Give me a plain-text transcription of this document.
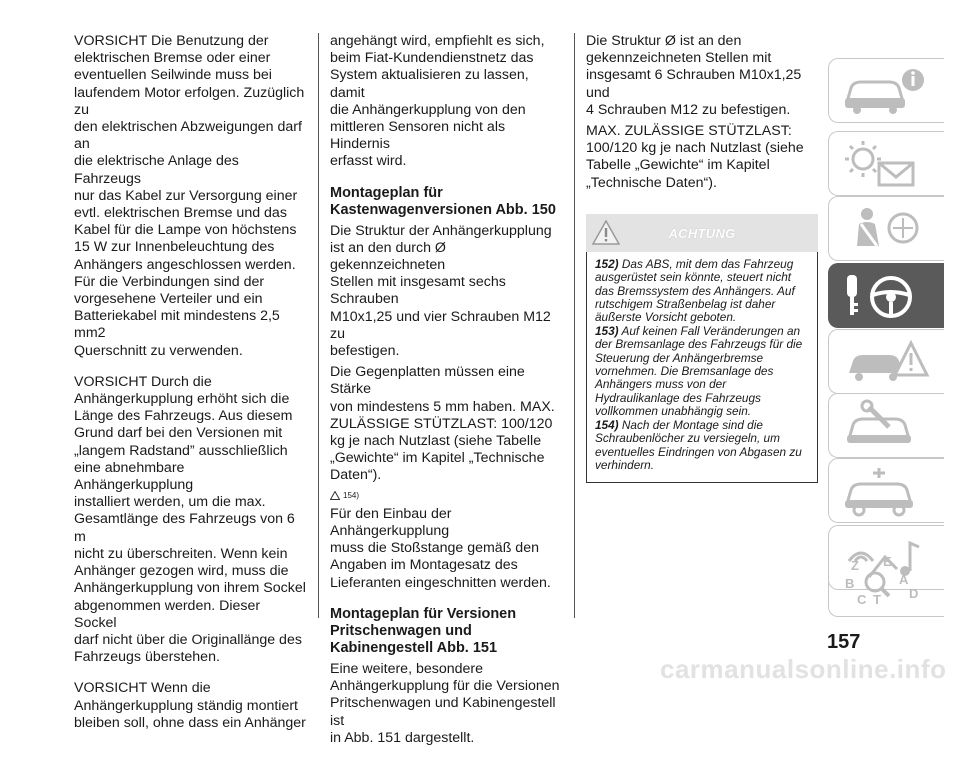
VORSICHT Die Benutzung der
elektrischen Bremse oder einer
eventuellen Seilwinde muss bei
laufendem Motor erfolgen. Zuzüglich zu
den elektrischen Abzweigungen darf an
die elektrische Anlage des Fahrzeugs
nur das Kabel zur Versorgung einer
evtl. elektrischen Bremse und das
Kabel für die Lampe von höchstens
15 W zur Innenbeleuchtung des
Anhängers angeschlossen werden.
Für die Verbindungen sind der
vorgesehene Verteiler und ein
Batteriekabel mit mindestens 2,5 mm2
Querschnitt zu verwenden.

VORSICHT Durch die
Anhängerkupplung erhöht sich die
Länge des Fahrzeugs. Aus diesem
Grund darf bei den Versionen mit
„langem Radstand” ausschließlich
eine abnehmbare Anhängerkupplung
installiert werden, um die max.
Gesamtlänge des Fahrzeugs von 6 m
nicht zu überschreiten. Wenn kein
Anhänger gezogen wird, muss die
Anhängerkupplung von ihrem Sockel
abgenommen werden. Dieser Sockel
darf nicht über die Originallänge des
Fahrzeugs überstehen.

VORSICHT Wenn die
Anhängerkupplung ständig montiert
bleiben soll, ohne dass ein Anhänger

angehängt wird, empfiehlt es sich,
beim Fiat-Kundendienstnetz das
System aktualisieren zu lassen, damit
die Anhängerkupplung von den
mittleren Sensoren nicht als Hindernis
erfasst wird.

Montageplan für
Kastenwagenversionen Abb. 150

Die Struktur der Anhängerkupplung
ist an den durch Ø gekennzeichneten
Stellen mit insgesamt sechs Schrauben
M10x1,25 und vier Schrauben M12 zu
befestigen.

Die Gegenplatten müssen eine Stärke
von mindestens 5 mm haben. MAX.
ZULÄSSIGE STÜTZLAST: 100/120
kg je nach Nutzlast (siehe Tabelle
„Gewichte“ im Kapitel „Technische
Daten“).

154)

Für den Einbau der Anhängerkupplung
muss die Stoßstange gemäß den
Angaben im Montagesatz des
Lieferanten eingeschnitten werden.

Montageplan für Versionen
Pritschenwagen und
Kabinengestell Abb. 151

Eine weitere, besondere
Anhängerkupplung für die Versionen
Pritschenwagen und Kabinengestell ist
in Abb. 151 dargestellt.

Die Struktur Ø ist an den
gekennzeichneten Stellen mit
insgesamt 6 Schrauben M10x1,25 und
4 Schrauben M12 zu befestigen.

MAX. ZULÄSSIGE STÜTZLAST:
100/120 kg je nach Nutzlast (siehe
Tabelle „Gewichte“ im Kapitel
„Technische Daten“).

ACHTUNG

152) Das ABS, mit dem das Fahrzeug ausgerüstet sein könnte, steuert nicht das Bremssystem des Anhängers. Auf rutschigem Straßenbelag ist daher äußerste Vorsicht geboten.

153) Auf keinen Fall Veränderungen an der Bremsanlage des Fahrzeugs für die Steuerung der Anhängerbremse vornehmen. Die Bremsanlage des Anhängers muss von der Hydraulikanlage des Fahrzeugs vollkommen unabhängig sein.

154) Nach der Montage sind die Schraubenlöcher zu versiegeln, um eventuelles Eindringen von Abgasen zu verhindern.

Z E
B	A
C T D
157
carmanualsonline.info
